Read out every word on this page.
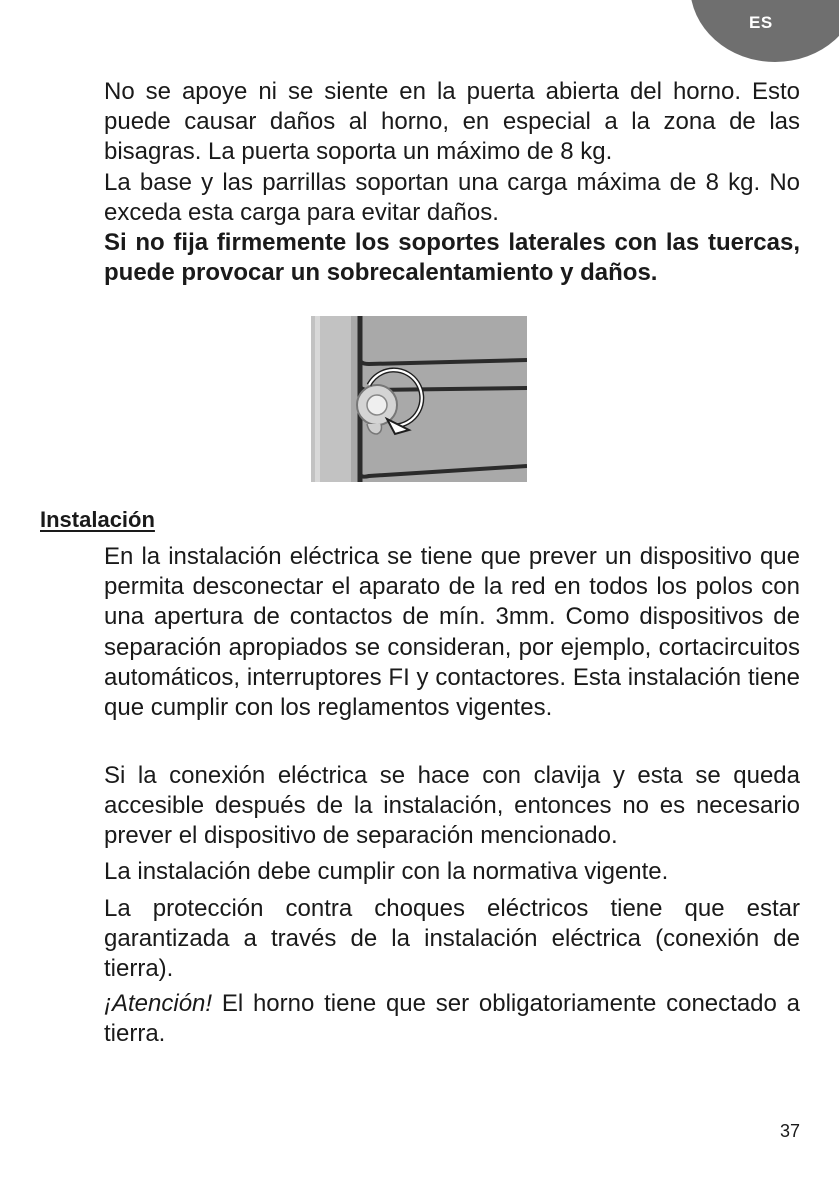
ES

No se apoye ni se siente en la puerta abierta del horno. Esto puede causar daños al horno, en especial a la zona de las bisagras. La puerta soporta un máximo de 8 kg.

La base y las parrillas soportan una carga máxima de 8 kg. No exceda esta carga para evitar daños.

Si no fija firmemente los soportes laterales con las tuercas, puede provocar un sobrecalentamiento y daños.

Instalación

En la instalación eléctrica se tiene que prever un dispositivo que permita desconectar el aparato de la red en todos los polos con una apertura de contactos de mín. 3mm. Como dispositivos de separación apropiados se consideran, por ejemplo, cortacircuitos automáticos, interruptores FI y contactores. Esta instalación tiene que cumplir con los reglamentos vigentes.

Si la conexión eléctrica se hace con clavija y esta se queda accesible después de la instalación, entonces no es necesario prever el dispositivo de separación mencionado.

La instalación debe cumplir con la normativa vigente.

La protección contra choques eléctricos tiene que estar garantizada a través de la instalación eléctrica (conexión de tierra).

¡Atención! El horno tiene que ser obligatoriamente conectado a tierra.

37
